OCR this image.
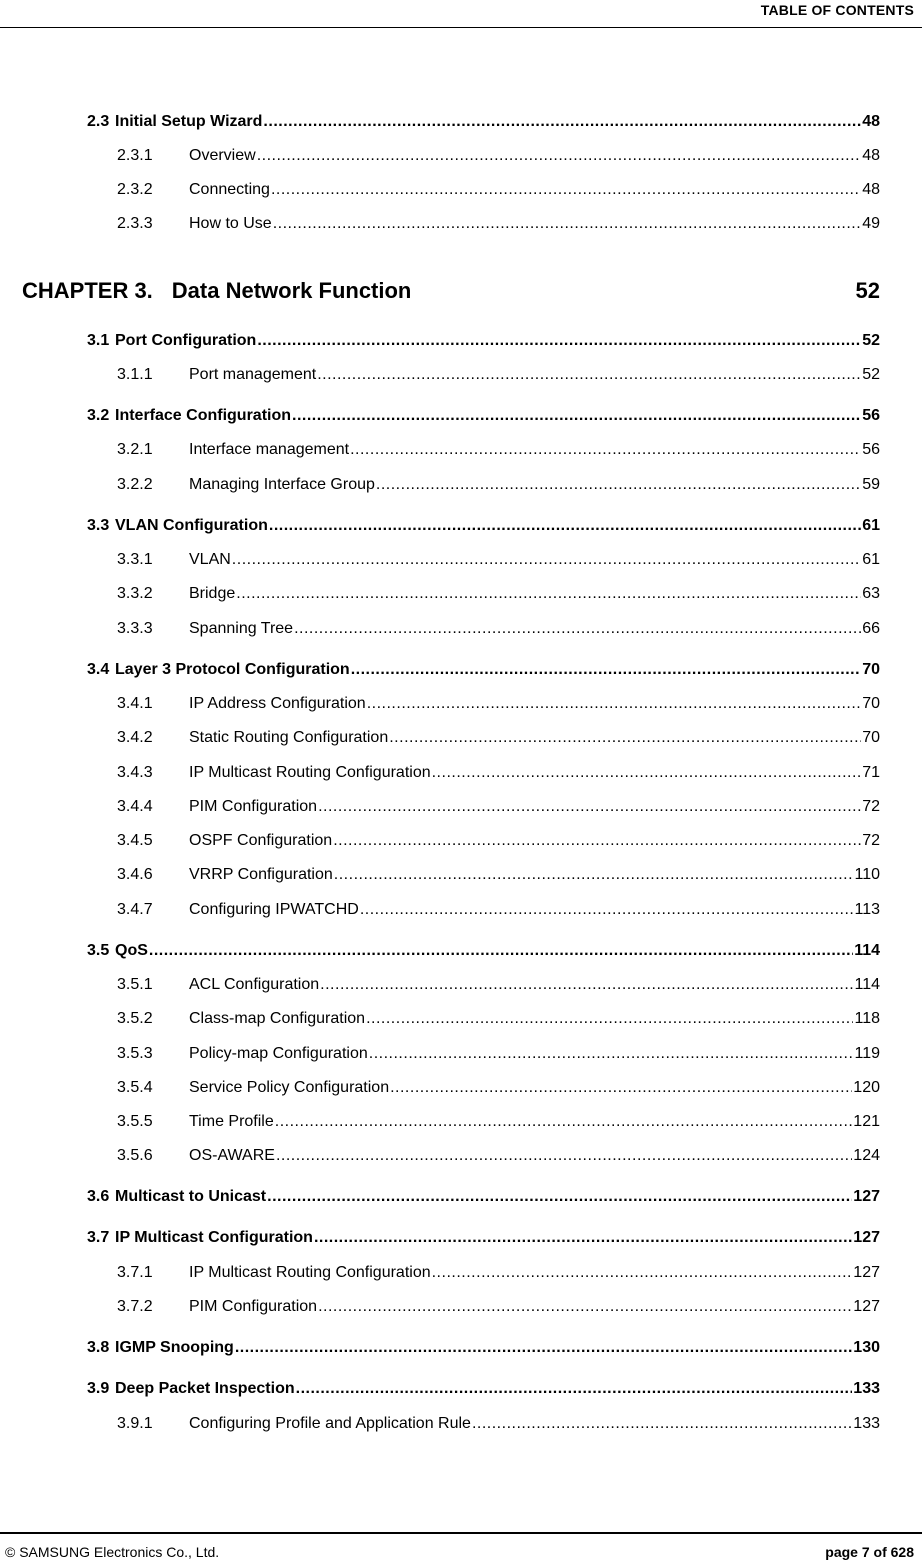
TABLE OF CONTENTS
2.3 Initial Setup Wizard .....	48
2.3.1	Overview .....	48
2.3.2	Connecting .....	48
2.3.3	How to Use .....	49
CHAPTER 3. Data Network Function	52
3.1 Port Configuration .....	52
3.1.1	Port management .....	52
3.2 Interface Configuration .....	56
3.2.1	Interface management .....	56
3.2.2	Managing Interface Group .....	59
3.3 VLAN Configuration .....	61
3.3.1	VLAN .....	61
3.3.2	Bridge .....	63
3.3.3	Spanning Tree .....	66
3.4 Layer 3 Protocol Configuration .....	70
3.4.1	IP Address Configuration .....	70
3.4.2	Static Routing Configuration .....	70
3.4.3	IP Multicast Routing Configuration .....	71
3.4.4	PIM Configuration .....	72
3.4.5	OSPF Configuration .....	72
3.4.6	VRRP Configuration .....	110
3.4.7	Configuring IPWATCHD .....	113
3.5 QoS .....	114
3.5.1	ACL Configuration .....	114
3.5.2	Class-map Configuration .....	118
3.5.3	Policy-map Configuration .....	119
3.5.4	Service Policy Configuration .....	120
3.5.5	Time Profile .....	121
3.5.6	OS-AWARE .....	124
3.6 Multicast to Unicast .....	127
3.7 IP Multicast Configuration .....	127
3.7.1	IP Multicast Routing Configuration .....	127
3.7.2	PIM Configuration .....	127
3.8 IGMP Snooping .....	130
3.9 Deep Packet Inspection .....	133
3.9.1	Configuring Profile and Application Rule .....	133
© SAMSUNG Electronics Co., Ltd.	page 7 of 628
